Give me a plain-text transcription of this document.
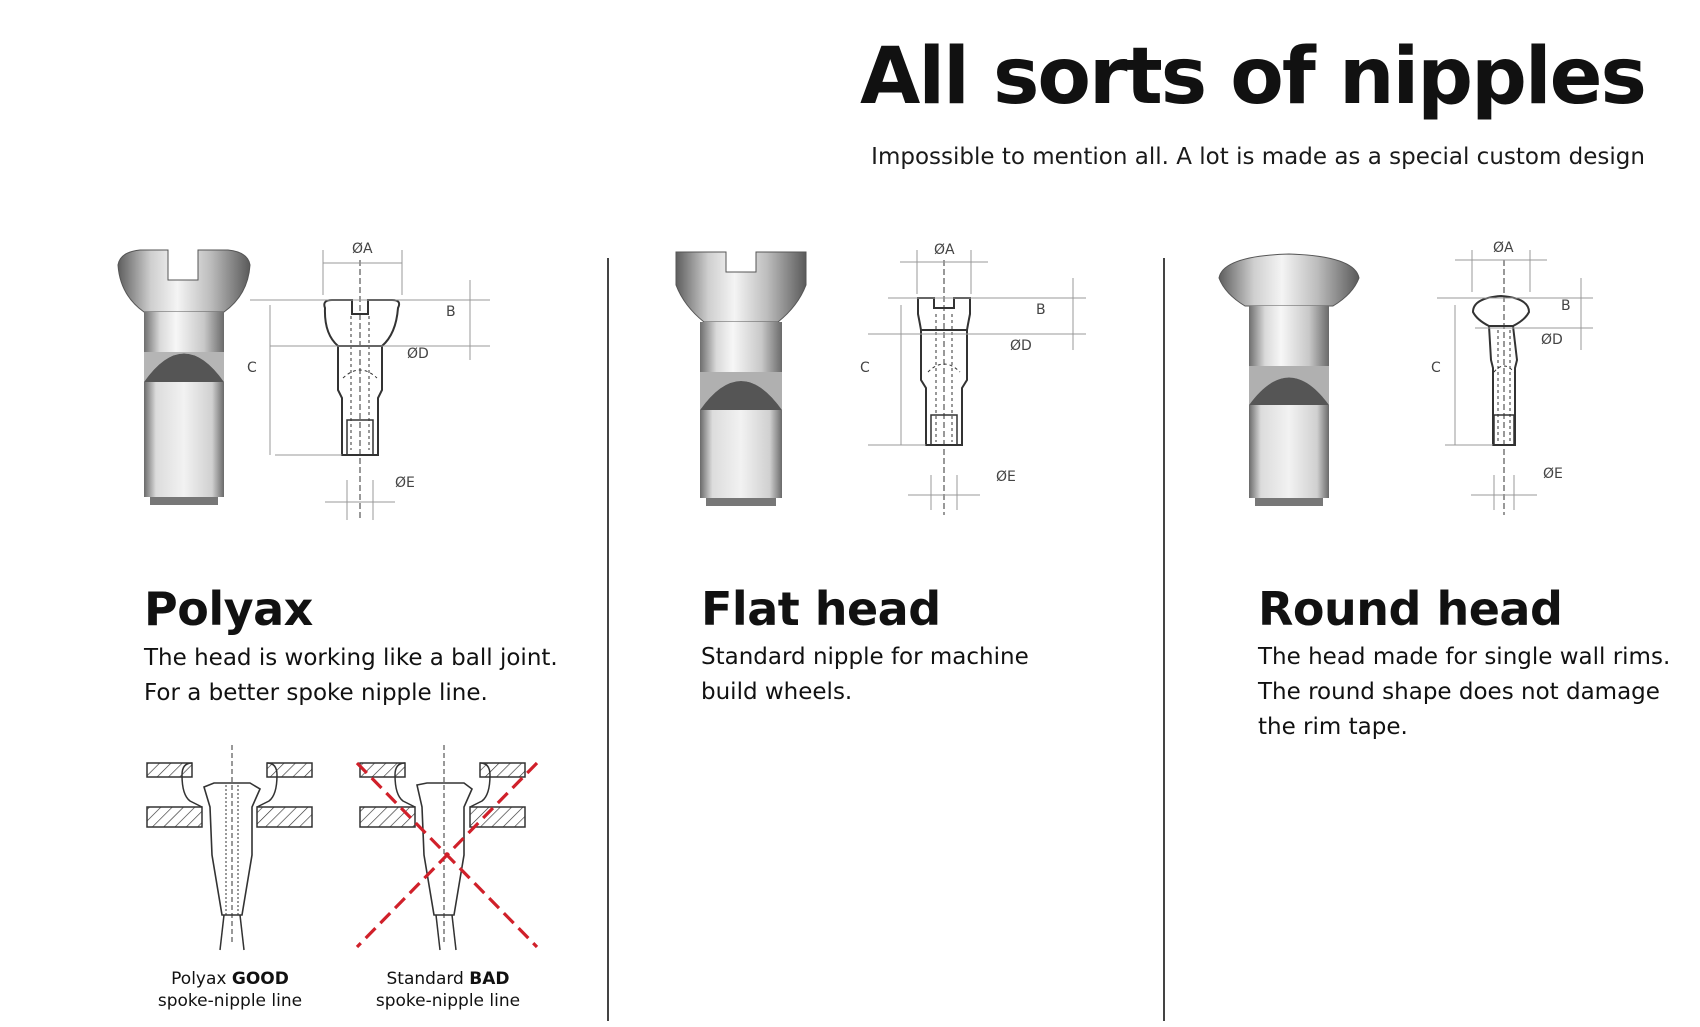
All sorts of nipples

Impossible to mention all. A lot is made as a special custom design

ØA
B
C
ØD
ØE
Polyax

The head is working like a ball joint.
For a better spoke nipple line.

Polyax GOOD
spoke-nipple line
Standard BAD
spoke-nipple line
ØA
B
C
ØD
ØE
Flat head

Standard nipple for machine
build wheels.

ØA
B
C
ØD
ØE
Round head

The head made for single wall rims.
The round shape does not damage
the rim tape.
